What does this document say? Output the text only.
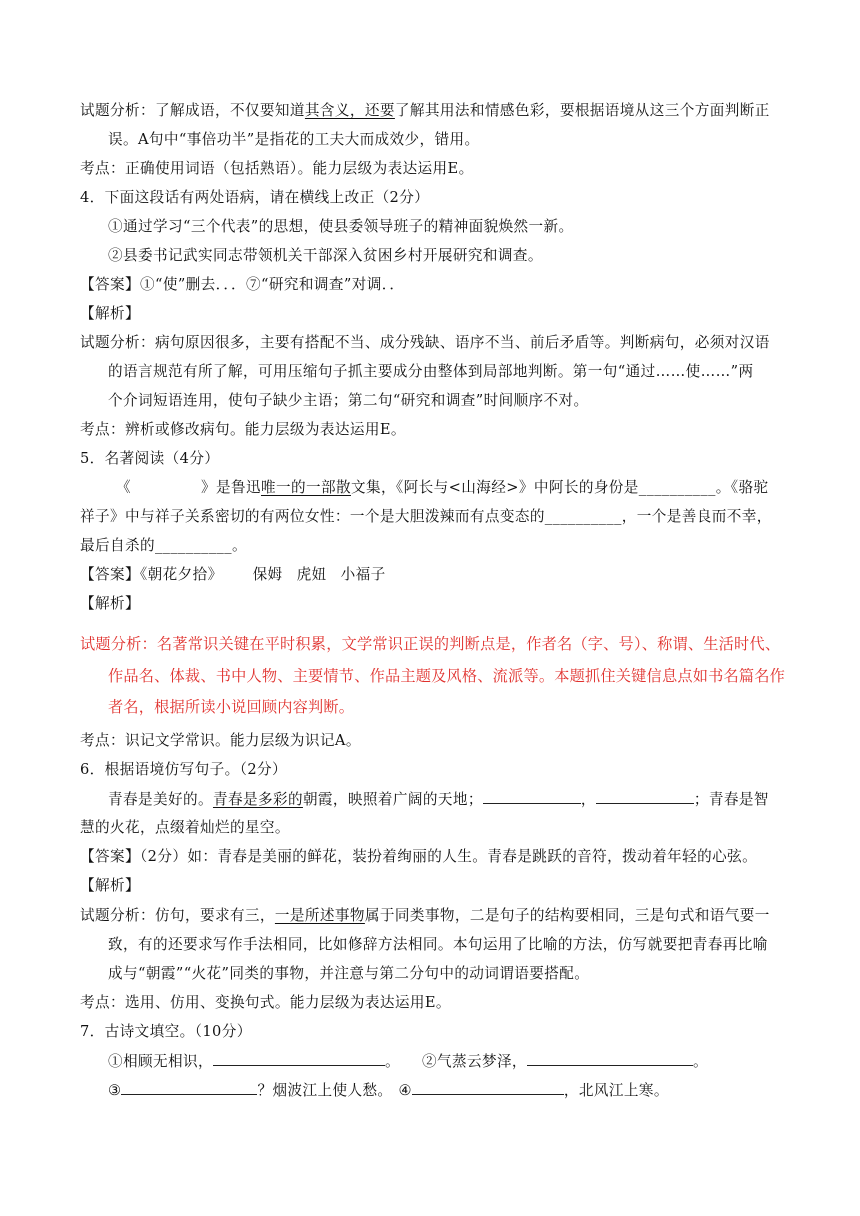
试题分析：了解成语，不仅要知道其含义，还要了解其用法和情感色彩，要根据语境从这三个方面判断正
误。A句中“事倍功半”是指花的工夫大而成效少，错用。
考点：正确使用词语（包括熟语）。能力层级为表达运用E。
4．下面这段话有两处语病，请在横线上改正（2分）
①通过学习“三个代表”的思想，使县委领导班子的精神面貌焕然一新。
②县委书记武实同志带领机关干部深入贫困乡村开展研究和调查。
【答案】①“使”删去．．．⑦“研究和调查”对调．．
【解析】
试题分析：病句原因很多，主要有搭配不当、成分残缺、语序不当、前后矛盾等。判断病句，必须对汉语
的语言规范有所了解，可用压缩句子抓主要成分由整体到局部地判断。第一句“通过……使……”两
个介词短语连用，使句子缺少主语；第二句“研究和调查”时间顺序不对。
考点：辨析或修改病句。能力层级为表达运用E。
5．名著阅读（4分）
《	》是鲁迅唯一的一部散文集，《阿长与<山海经>》中阿长的身份是__________。《骆驼
祥子》中与祥子关系密切的有两位女性：一个是大胆泼辣而有点变态的__________，一个是善良而不幸，
最后自杀的__________。
【答案】《朝花夕拾》 保姆 虎妞 小福子
【解析】
试题分析：名著常识关键在平时积累，文学常识正误的判断点是，作者名（字、号）、称谓、生活时代、
作品名、体裁、书中人物、主要情节、作品主题及风格、流派等。本题抓住关键信息点如书名篇名作
者名，根据所读小说回顾内容判断。
考点：识记文学常识。能力层级为识记A。
6．根据语境仿写句子。（2分）
青春是美好的。青春是多彩的朝霞，映照着广阔的天地；	，	；青春是智
慧的火花，点缀着灿烂的星空。
【答案】（2分）如：青春是美丽的鲜花，装扮着绚丽的人生。青春是跳跃的音符，拨动着年轻的心弦。
【解析】
试题分析：仿句，要求有三，一是所述事物属于同类事物，二是句子的结构要相同，三是句式和语气要一
致，有的还要求写作手法相同，比如修辞方法相同。本句运用了比喻的方法，仿写就要把青春再比喻
成与“朝霞”“火花”同类的事物，并注意与第二分句中的动词谓语要搭配。
考点：选用、仿用、变换句式。能力层级为表达运用E。
7．古诗文填空。（10分）
①相顾无相识，	。 ②气蒸云梦泽，	。
③	？烟波江上使人愁。 ④	，北风江上寒。
